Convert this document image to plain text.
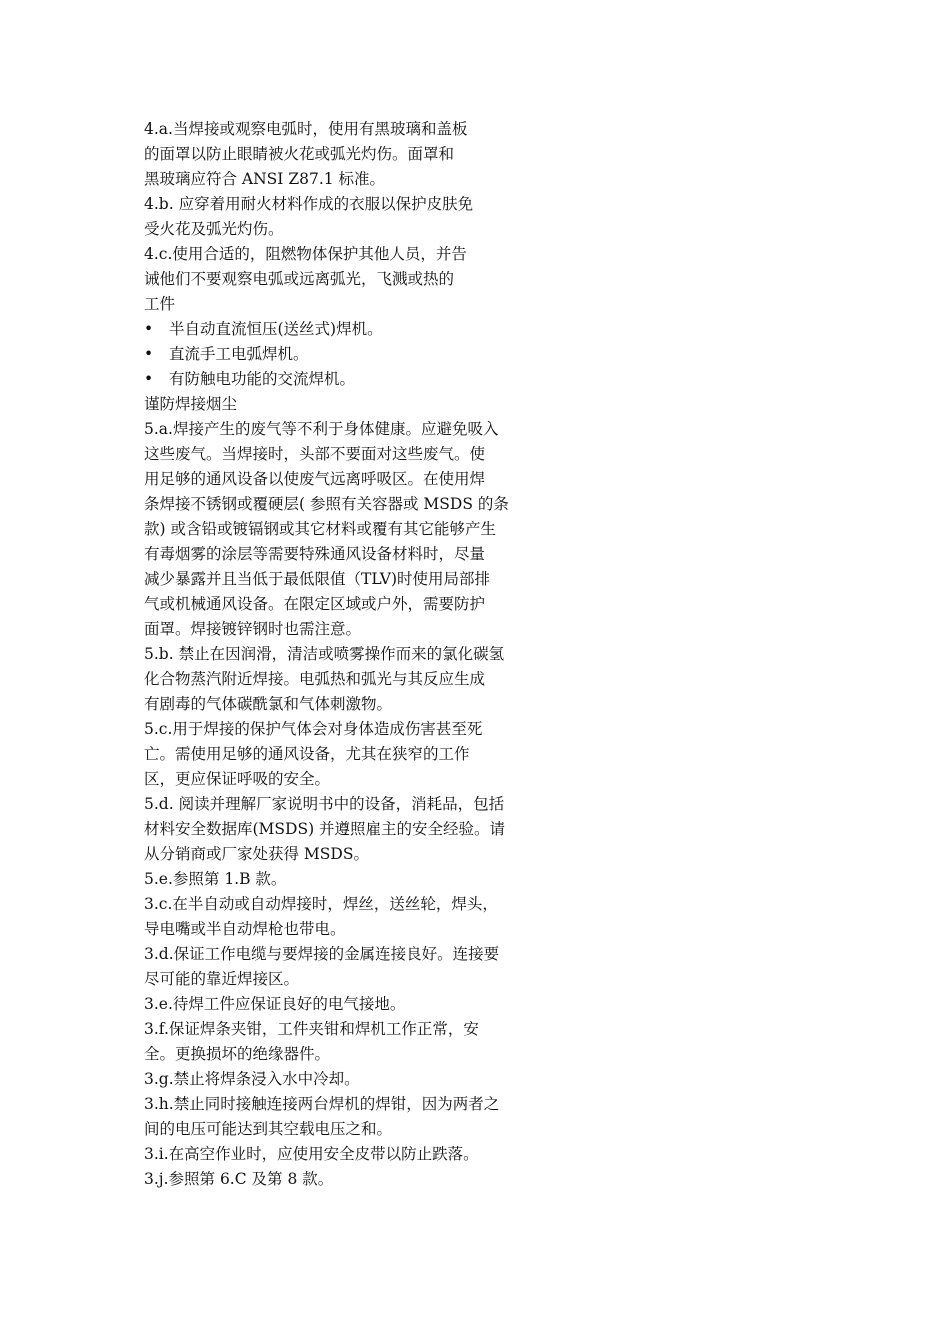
4.a.当焊接或观察电弧时，使用有黑玻璃和盖板
的面罩以防止眼睛被火花或弧光灼伤。面罩和
黑玻璃应符合 ANSI Z87.1 标准。
4.b. 应穿着用耐火材料作成的衣服以保护皮肤免
受火花及弧光灼伤。
4.c.使用合适的，阻燃物体保护其他人员，并告
诫他们不要观察电弧或远离弧光，飞溅或热的
工件
•	半自动直流恒压(送丝式)焊机。
•	直流手工电弧焊机。
•	有防触电功能的交流焊机。
谨防焊接烟尘
5.a.焊接产生的废气等不利于身体健康。应避免吸入
这些废气。当焊接时，头部不要面对这些废气。使
用足够的通风设备以使废气远离呼吸区。在使用焊
条焊接不锈钢或覆硬层( 参照有关容器或 MSDS 的条
款) 或含铅或镀镉钢或其它材料或覆有其它能够产生
有毒烟雾的涂层等需要特殊通风设备材料时，尽量
减少暴露并且当低于最低限值（TLV)时使用局部排
气或机械通风设备。在限定区域或户外，需要防护
面罩。焊接镀锌钢时也需注意。
5.b. 禁止在因润滑，清洁或喷雾操作而来的氯化碳氢
化合物蒸汽附近焊接。电弧热和弧光与其反应生成
有剧毒的气体碳酰氯和气体刺激物。
5.c.用于焊接的保护气体会对身体造成伤害甚至死
亡。需使用足够的通风设备，尤其在狭窄的工作
区，更应保证呼吸的安全。
5.d. 阅读并理解厂家说明书中的设备，消耗品，包括
材料安全数据库(MSDS) 并遵照雇主的安全经验。请
从分销商或厂家处获得 MSDS。
5.e.参照第 1.B 款。
3.c.在半自动或自动焊接时，焊丝，送丝轮，焊头，
导电嘴或半自动焊枪也带电。
3.d.保证工作电缆与要焊接的金属连接良好。连接要
尽可能的靠近焊接区。
3.e.待焊工件应保证良好的电气接地。
3.f.保证焊条夹钳，工件夹钳和焊机工作正常，安
全。更换损坏的绝缘器件。
3.g.禁止将焊条浸入水中冷却。
3.h.禁止同时接触连接两台焊机的焊钳，因为两者之
间的电压可能达到其空载电压之和。
3.i.在高空作业时，应使用安全皮带以防止跌落。
3.j.参照第 6.C 及第 8 款。
